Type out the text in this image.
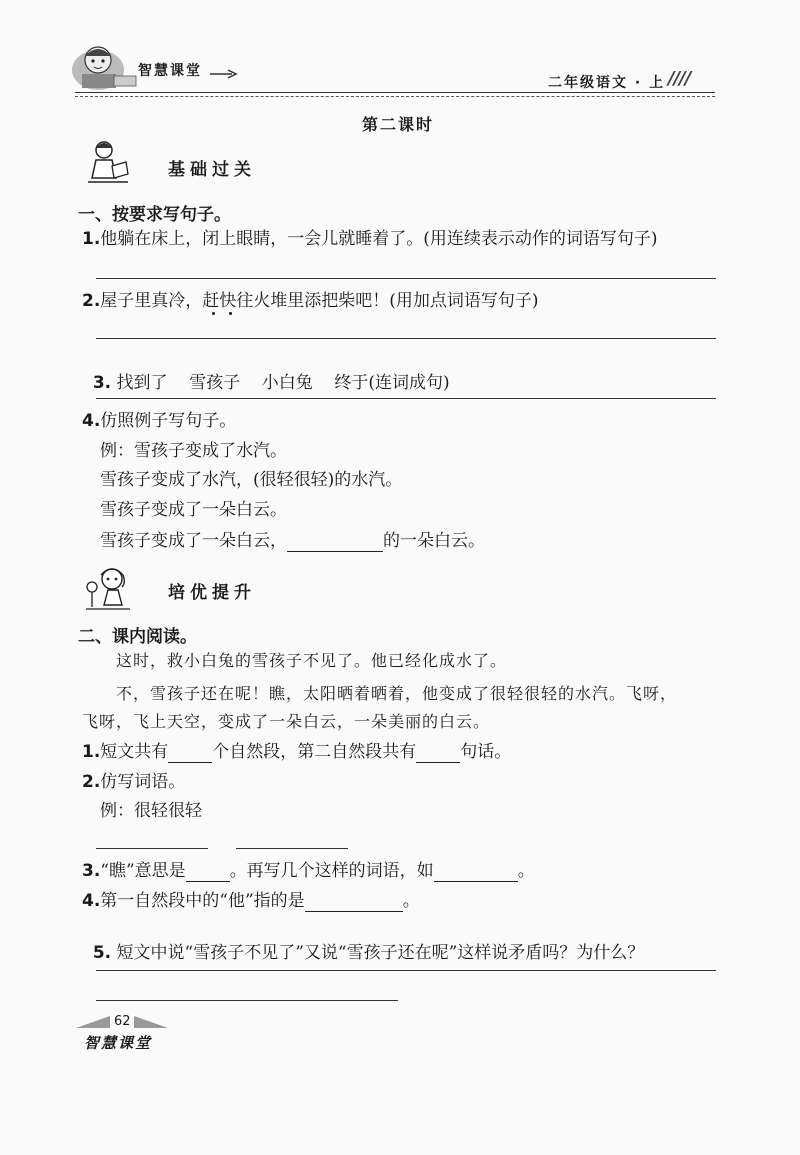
智慧课堂
二年级语文 · 上 ////
第二课时
基础过关
一、按要求写句子。
1.他躺在床上，闭上眼睛，一会儿就睡着了。(用连续表示动作的词语写句子)
2.屋子里真冷，赶快往火堆里添把柴吧！(用加点词语写句子)

3. 找到了    雪孩子    小白兔    终于(连词成句)

4.仿照例子写句子。
例：雪孩子变成了水汽。
雪孩子变成了水汽，(很轻很轻)的水汽。
雪孩子变成了一朵白云。
雪孩子变成了一朵白云，	的一朵白云。
培优提升
二、课内阅读。
这时，救小白兔的雪孩子不见了。他已经化成水了。
不，雪孩子还在呢！瞧，太阳晒着晒着，他变成了很轻很轻的水汽。飞呀，
飞呀，飞上天空，变成了一朵白云，一朵美丽的白云。
1.短文共有	个自然段，第二自然段共有	句话。
2.仿写词语。
例：很轻很轻
3.“瞧”意思是	。再写几个这样的词语，如	。
4.第一自然段中的“他”指的是	。

5. 短文中说“雪孩子不见了”又说“雪孩子还在呢”这样说矛盾吗？为什么？

62
智慧课堂
